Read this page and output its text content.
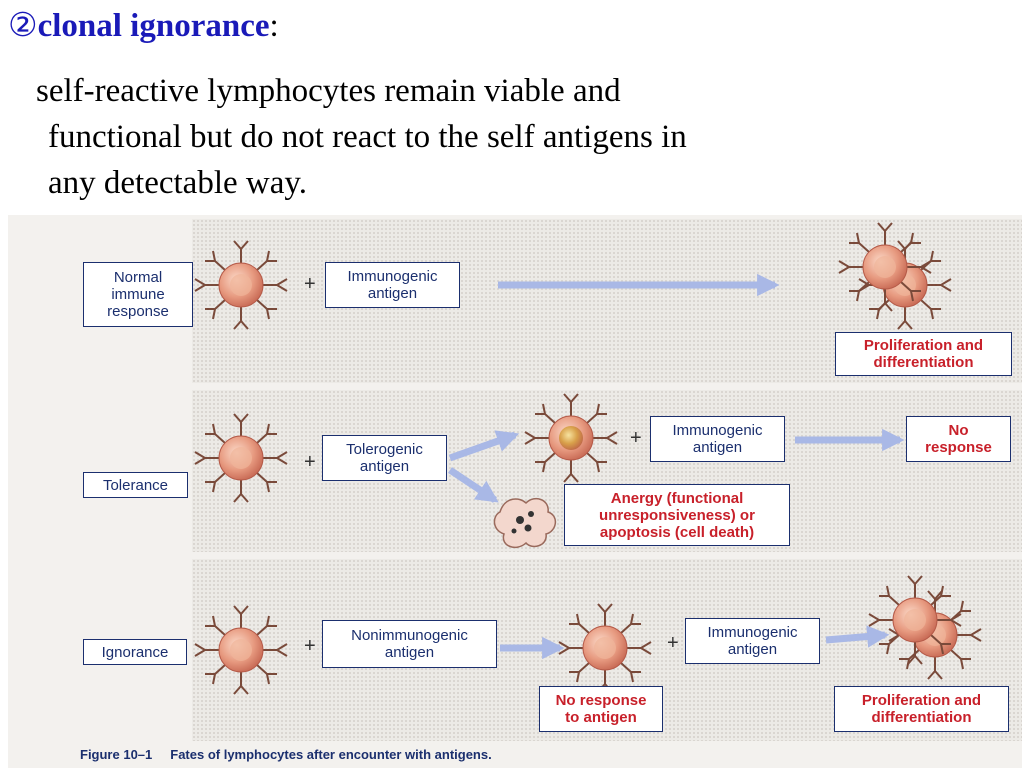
②clonal ignorance:
self-reactive lymphocytes remain viable and
functional but do not react to the self antigens in
any detectable way.
Normal
immune
response
+	Immunogenic
antigen
Proliferation and
differentiation
Tolerance
+
Tolerogenic
antigen
+	Immunogenic
antigen
No
response
Anergy (functional
unresponsiveness) or
apoptosis (cell death)
Ignorance	+	Nonimmunogenic
antigen	+	Immunogenic
antigen
No response
to antigen
Proliferation and
differentiation
Figure 10–1 Fates of lymphocytes after encounter with antigens.
